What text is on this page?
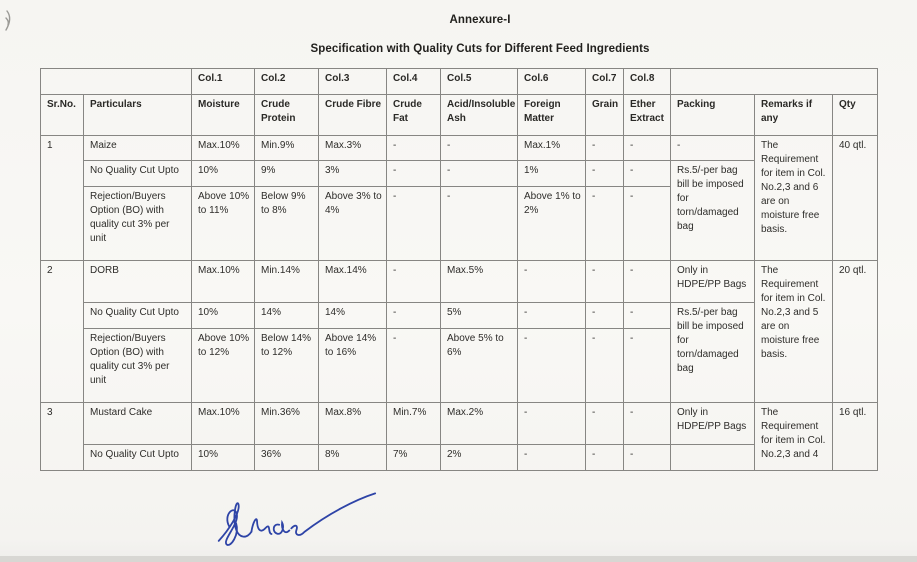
Annexure-I
Specification with Quality Cuts for Different Feed Ingredients
		Col.1	Col.2	Col.3	Col.4	Col.5	Col.6	Col.7	Col.8			
Sr.No.	Particulars	Moisture	Crude Protein	Crude Fibre	Crude Fat	Acid/Insoluble Ash	Foreign Matter	Grain	Ether Extract	Packing	Remarks if any	Qty
1	Maize	Max.10%	Min.9%	Max.3%	-	-	Max.1%	-	-	-	The Requirement for item in Col. No.2,3 and 6 are on moisture free basis.	40 qtl.
	No Quality Cut Upto	10%	9%	3%	-	-	1%	-	-	Rs.5/-per bag bill be imposed for torn/damaged bag		
	Rejection/Buyers Option (BO) with quality cut 3% per unit	Above 10% to 11%	Below 9% to 8%	Above 3% to 4%	-	-	Above 1% to 2%	-	-			
2	DORB	Max.10%	Min.14%	Max.14%	-	Max.5%	-	-	-	Only in HDPE/PP Bags	The Requirement for item in Col. No.2,3 and 5 are on moisture free basis.	20 qtl.
	No Quality Cut Upto	10%	14%	14%	-	5%	-	-	-	Rs.5/-per bag bill be imposed for torn/damaged bag		
	Rejection/Buyers Option (BO) with quality cut 3% per unit	Above 10% to 12%	Below 14% to 12%	Above 14% to 16%	-	Above 5% to 6%	-	-	-			
3	Mustard Cake	Max.10%	Min.36%	Max.8%	Min.7%	Max.2%	-	-	-	Only in HDPE/PP Bags	The Requirement for item in Col. No.2,3 and 4	16 qtl.
	No Quality Cut Upto	10%	36%	8%	7%	2%	-	-	-			
